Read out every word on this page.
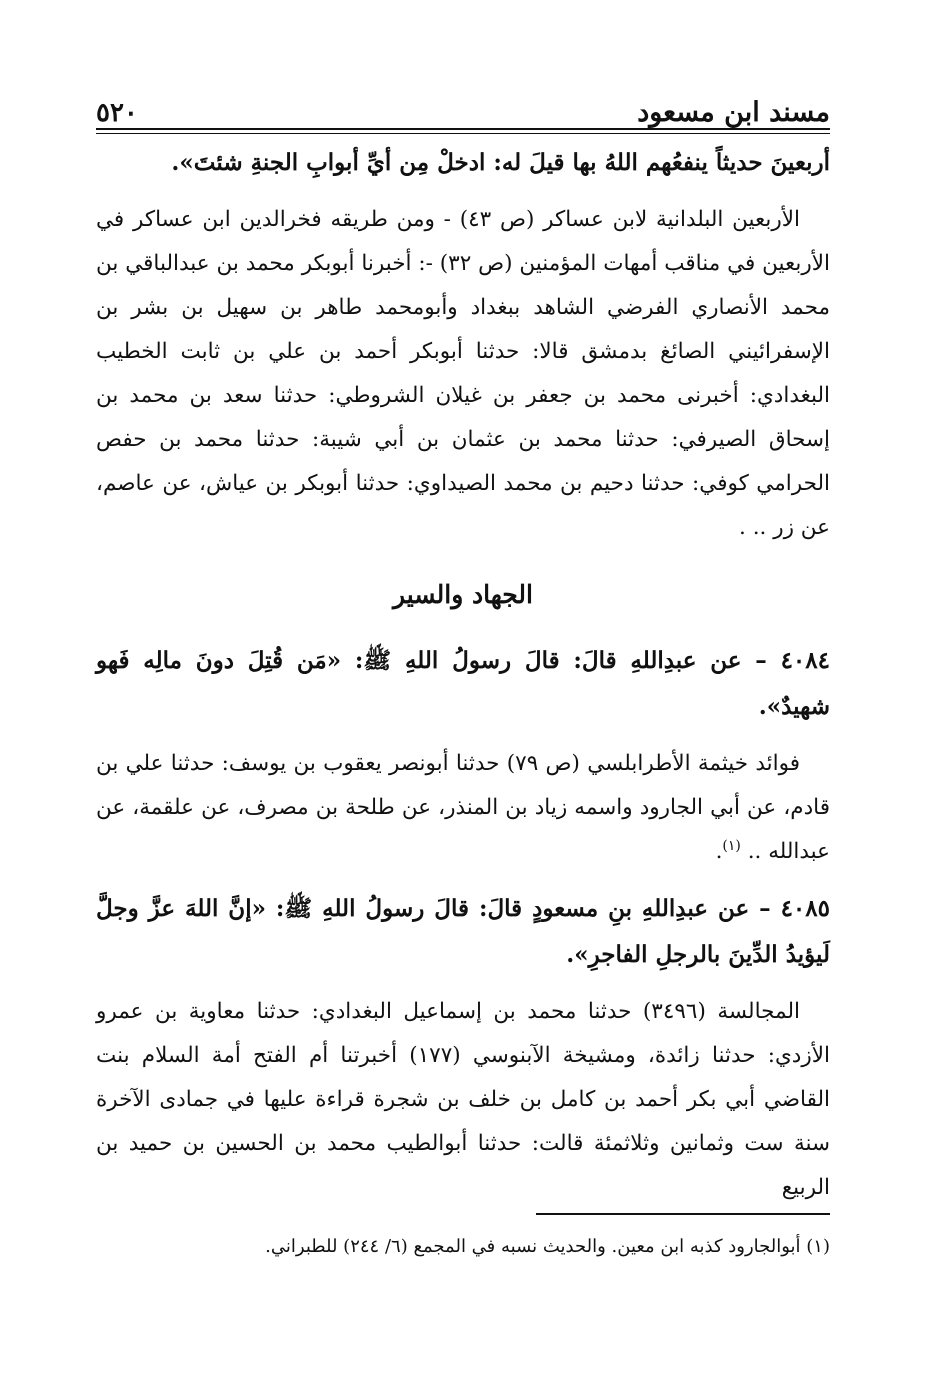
مسند ابن مسعود
٥٢٠

أربعينَ حديثاً ينفعُهم اللهُ بها قيلَ له: ادخلْ مِن أيِّ أبوابِ الجنةِ شئتَ».

الأربعين البلدانية لابن عساكر (ص ٤٣) - ومن طريقه فخرالدين ابن عساكر في الأربعين في مناقب أمهات المؤمنين (ص ٣٢) -: أخبرنا أبوبكر محمد بن عبدالباقي بن محمد الأنصاري الفرضي الشاهد ببغداد وأبومحمد طاهر بن سهيل بن بشر بن الإسفرائيني الصائغ بدمشق قالا: حدثنا أبوبكر أحمد بن علي بن ثابت الخطيب البغدادي: أخبرنى محمد بن جعفر بن غيلان الشروطي: حدثنا سعد بن محمد بن إسحاق الصيرفي: حدثنا محمد بن عثمان بن أبي شيبة: حدثنا محمد بن حفص الحرامي كوفي: حدثنا دحيم بن محمد الصيداوي: حدثنا أبوبكر بن عياش، عن عاصم، عن زر .. .

الجهاد والسير

٤٠٨٤ – عن عبدِاللهِ قالَ: قالَ رسولُ اللهِ ﷺ: «مَن قُتِلَ دونَ مالِه فَهو شهيدٌ».

فوائد خيثمة الأطرابلسي (ص ٧٩) حدثنا أبونصر يعقوب بن يوسف: حدثنا علي بن قادم، عن أبي الجارود واسمه زياد بن المنذر، عن طلحة بن مصرف، عن علقمة، عن عبدالله .. $^{(١)}$.

٤٠٨٥ – عن عبدِاللهِ بنِ مسعودٍ قالَ: قالَ رسولُ اللهِ ﷺ: «إنَّ اللهَ عزَّ وجلَّ لَيؤيدُ الدِّينَ بالرجلِ الفاجرِ».

المجالسة (٣٤٩٦) حدثنا محمد بن إسماعيل البغدادي: حدثنا معاوية بن عمرو الأزدي: حدثنا زائدة، ومشيخة الآبنوسي (١٧٧) أخبرتنا أم الفتح أمة السلام بنت القاضي أبي بكر أحمد بن كامل بن خلف بن شجرة قراءة عليها في جمادى الآخرة سنة ست وثمانين وثلاثمئة قالت: حدثنا أبوالطيب محمد بن الحسين بن حميد بن الربيع

(١) أبوالجارود كذبه ابن معين. والحديث نسبه في المجمع (٦/ ٢٤٤) للطبراني.
